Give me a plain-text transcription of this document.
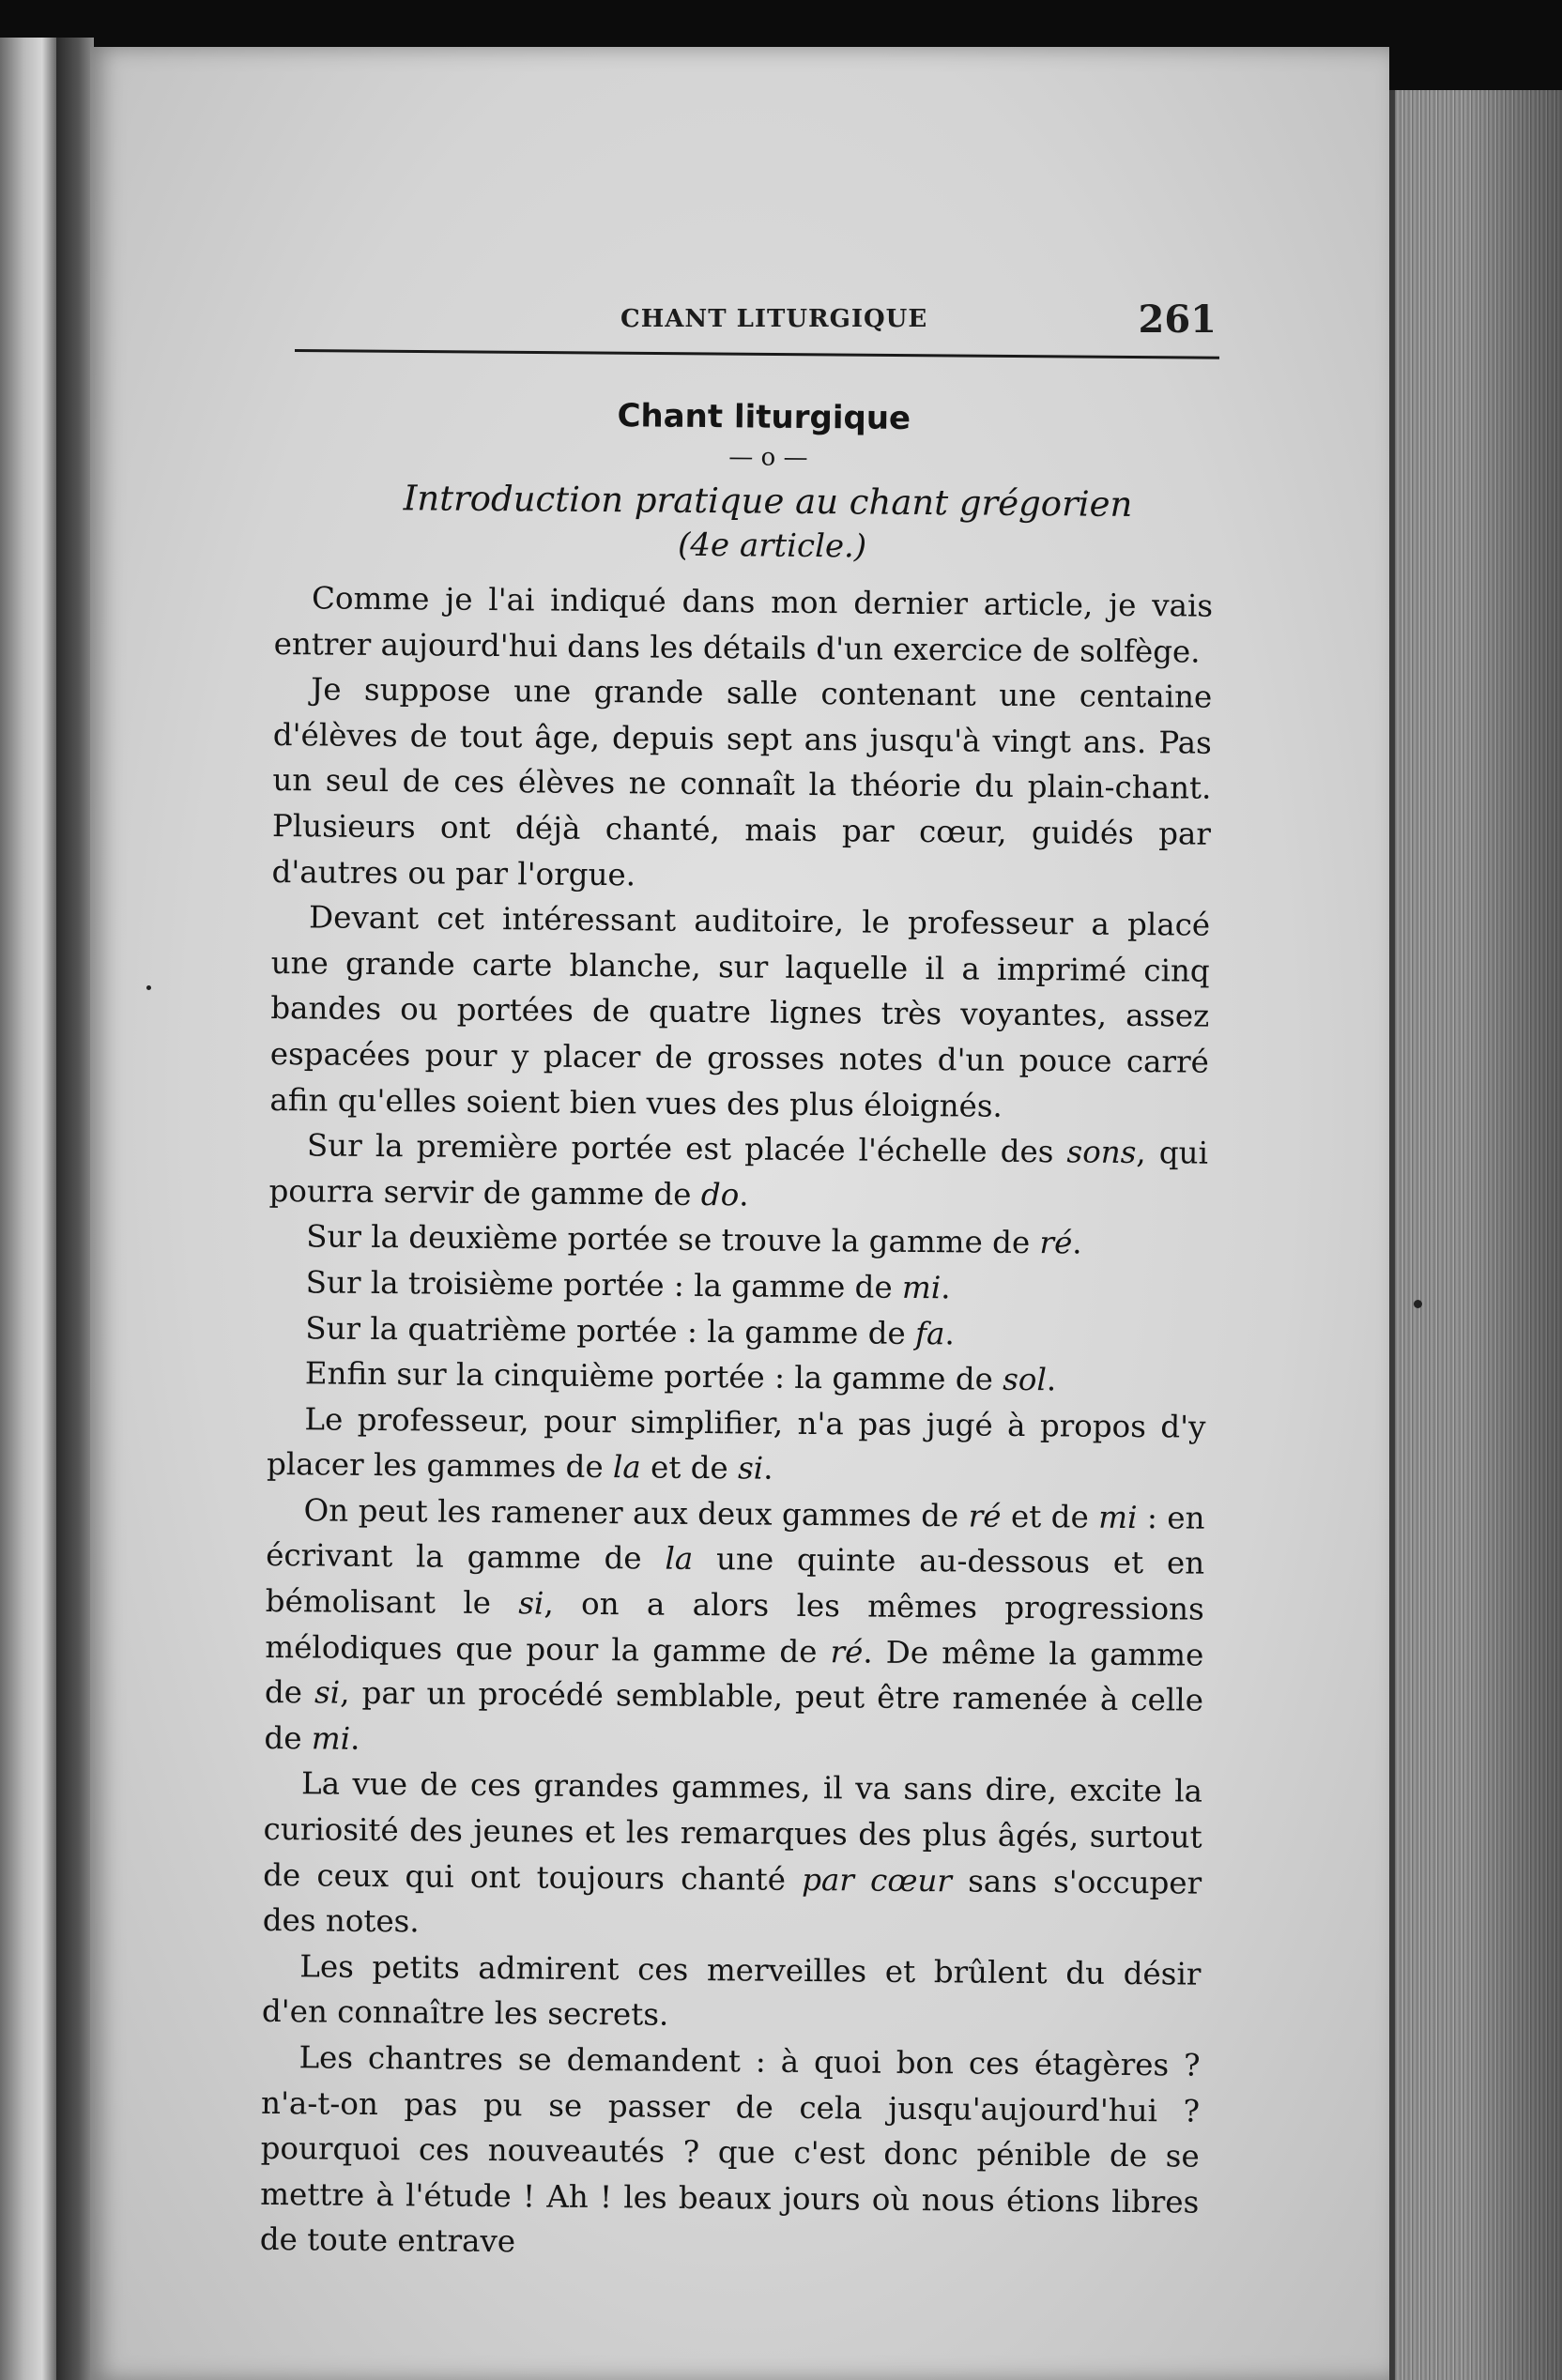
CHANT LITURGIQUE	261
Chant liturgique
— o —
Introduction pratique au chant grégorien
(4e article.)

Comme je l'ai indiqué dans mon dernier article, je vais entrer aujourd'hui dans les détails d'un exercice de solfège.

Je suppose une grande salle contenant une centaine d'élèves de tout âge, depuis sept ans jusqu'à vingt ans. Pas un seul de ces élèves ne connaît la théorie du plain-chant. Plusieurs ont déjà chanté, mais par cœur, guidés par d'autres ou par l'orgue.

Devant cet intéressant auditoire, le professeur a placé une grande carte blanche, sur laquelle il a imprimé cinq bandes ou portées de quatre lignes très voyantes, assez espacées pour y placer de grosses notes d'un pouce carré afin qu'elles soient bien vues des plus éloignés.

Sur la première portée est placée l'échelle des sons, qui pourra servir de gamme de do.

Sur la deuxième portée se trouve la gamme de ré.

Sur la troisième portée : la gamme de mi.

Sur la quatrième portée : la gamme de fa.

Enfin sur la cinquième portée : la gamme de sol.

Le professeur, pour simplifier, n'a pas jugé à propos d'y placer les gammes de la et de si.

On peut les ramener aux deux gammes de ré et de mi : en écrivant la gamme de la une quinte au-dessous et en bémolisant le si, on a alors les mêmes progressions mélodiques que pour la gamme de ré. De même la gamme de si, par un procédé semblable, peut être ramenée à celle de mi.

La vue de ces grandes gammes, il va sans dire, excite la curiosité des jeunes et les remarques des plus âgés, surtout de ceux qui ont toujours chanté par cœur sans s'occuper des notes.

Les petits admirent ces merveilles et brûlent du désir d'en connaître les secrets.

Les chantres se demandent : à quoi bon ces étagères ? n'a-t-on pas pu se passer de cela jusqu'aujourd'hui ? pourquoi ces nouveautés ? que c'est donc pénible de se mettre à l'étude ! Ah ! les beaux jours où nous étions libres de toute entrave
